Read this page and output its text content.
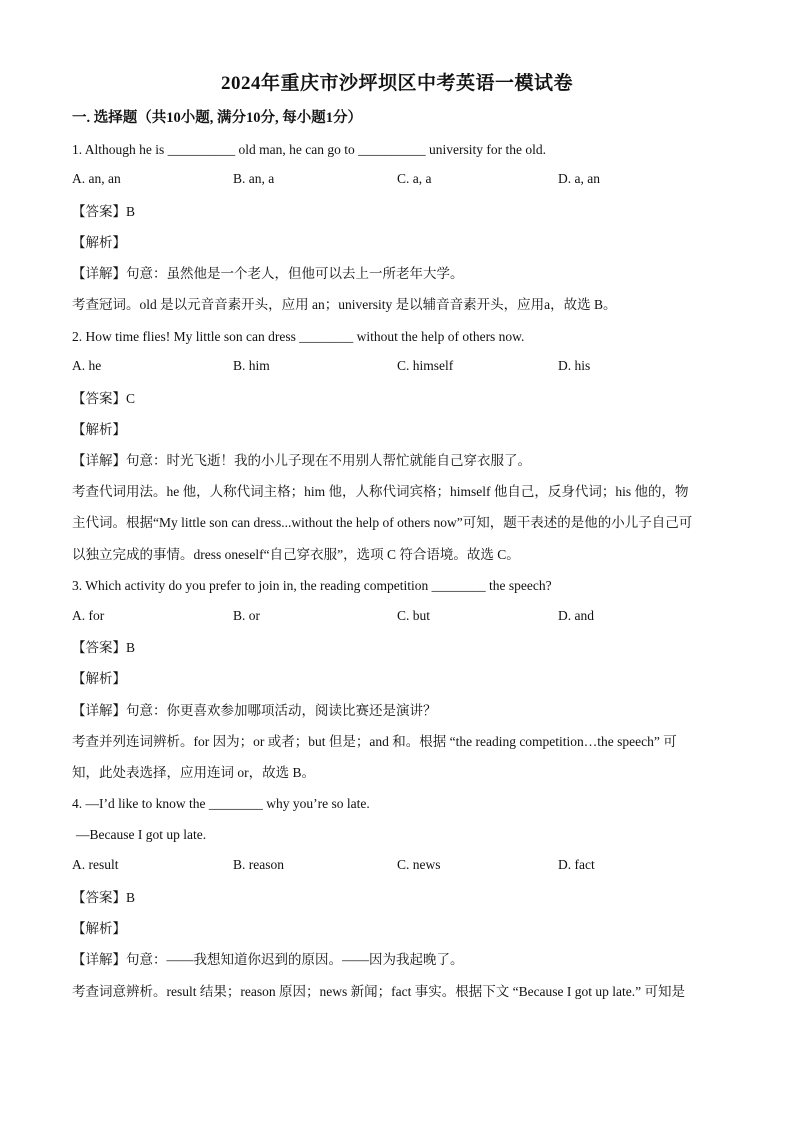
2024年重庆市沙坪坝区中考英语一模试卷
一. 选择题（共10小题, 满分10分, 每小题1分）
1. Although he is __________ old man, he can go to __________ university for the old.
A. an, an	B. an, a	C. a, a	D. a, an
【答案】B
【解析】
【详解】句意：虽然他是一个老人，但他可以去上一所老年大学。
考查冠词。old 是以元音音素开头，应用 an；university 是以辅音音素开头，应用a，故选 B。
2. How time flies! My little son can dress ________ without the help of others now.
A. he	B. him	C. himself	D. his
【答案】C
【解析】
【详解】句意：时光飞逝！我的小儿子现在不用别人帮忙就能自己穿衣服了。
考查代词用法。he 他，人称代词主格；him 他，人称代词宾格；himself 他自己，反身代词；his 他的，物
主代词。根据“My little son can dress...without the help of others now”可知，题干表述的是他的小儿子自己可
以独立完成的事情。dress oneself“自己穿衣服”，选项 C 符合语境。故选 C。
3. Which activity do you prefer to join in, the reading competition ________ the speech?
A. for	B. or	C. but	D. and
【答案】B
【解析】
【详解】句意：你更喜欢参加哪项活动，阅读比赛还是演讲？
考查并列连词辨析。for 因为；or 或者；but 但是；and 和。根据 “the reading competition…the speech” 可
知，此处表选择，应用连词 or，故选 B。
4. —I’d like to know the ________ why you’re so late.
—Because I got up late.
A. result	B. reason	C. news	D. fact
【答案】B
【解析】
【详解】句意：——我想知道你迟到的原因。——因为我起晚了。
考查词意辨析。result 结果；reason 原因；news 新闻；fact 事实。根据下文 “Because I got up late.” 可知是
